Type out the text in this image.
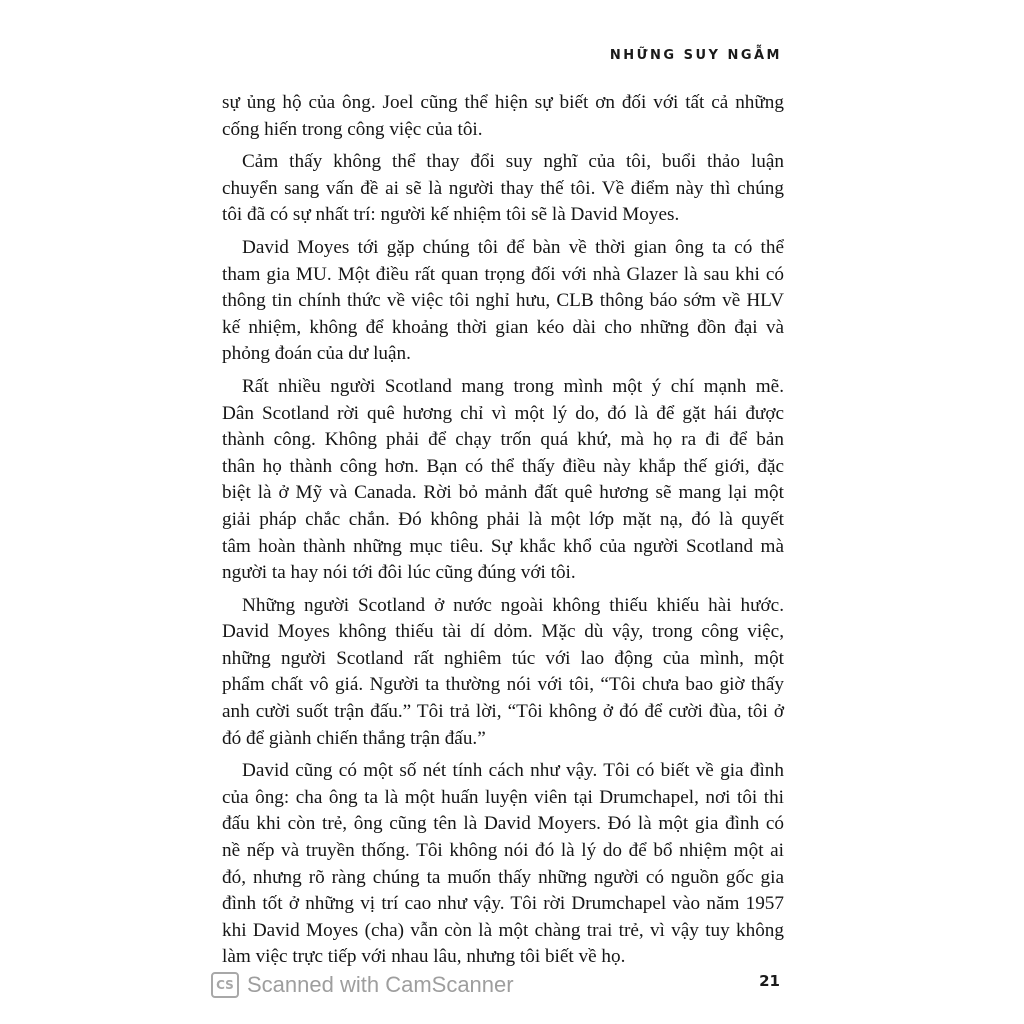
NHỮNG SUY NGẪM
sự ủng hộ của ông. Joel cũng thể hiện sự biết ơn đối với tất cả những
cống hiến trong công việc của tôi.
Cảm thấy không thể thay đổi suy nghĩ của tôi, buổi thảo luận
chuyển sang vấn đề ai sẽ là người thay thế tôi. Về điểm này thì chúng
tôi đã có sự nhất trí: người kế nhiệm tôi sẽ là David Moyes.
David Moyes tới gặp chúng tôi để bàn về thời gian ông ta có thể
tham gia MU. Một điều rất quan trọng đối với nhà Glazer là sau khi có
thông tin chính thức về việc tôi nghỉ hưu, CLB thông báo sớm về HLV
kế nhiệm, không để khoảng thời gian kéo dài cho những đồn đại và
phỏng đoán của dư luận.
Rất nhiều người Scotland mang trong mình một ý chí mạnh mẽ.
Dân Scotland rời quê hương chỉ vì một lý do, đó là để gặt hái được
thành công. Không phải để chạy trốn quá khứ, mà họ ra đi để bản
thân họ thành công hơn. Bạn có thể thấy điều này khắp thế giới, đặc
biệt là ở Mỹ và Canada. Rời bỏ mảnh đất quê hương sẽ mang lại một
giải pháp chắc chắn. Đó không phải là một lớp mặt nạ, đó là quyết
tâm hoàn thành những mục tiêu. Sự khắc khổ của người Scotland mà
người ta hay nói tới đôi lúc cũng đúng với tôi.
Những người Scotland ở nước ngoài không thiếu khiếu hài hước.
David Moyes không thiếu tài dí dỏm. Mặc dù vậy, trong công việc,
những người Scotland rất nghiêm túc với lao động của mình, một
phẩm chất vô giá. Người ta thường nói với tôi, “Tôi chưa bao giờ thấy
anh cười suốt trận đấu.” Tôi trả lời, “Tôi không ở đó để cười đùa, tôi ở
đó để giành chiến thắng trận đấu.”
David cũng có một số nét tính cách như vậy. Tôi có biết về gia đình
của ông: cha ông ta là một huấn luyện viên tại Drumchapel, nơi tôi thi
đấu khi còn trẻ, ông cũng tên là David Moyers. Đó là một gia đình có
nề nếp và truyền thống. Tôi không nói đó là lý do để bổ nhiệm một ai
đó, nhưng rõ ràng chúng ta muốn thấy những người có nguồn gốc gia
đình tốt ở những vị trí cao như vậy. Tôi rời Drumchapel vào năm 1957
khi David Moyes (cha) vẫn còn là một chàng trai trẻ, vì vậy tuy không
làm việc trực tiếp với nhau lâu, nhưng tôi biết về họ.
CS Scanned with CamScanner	21
